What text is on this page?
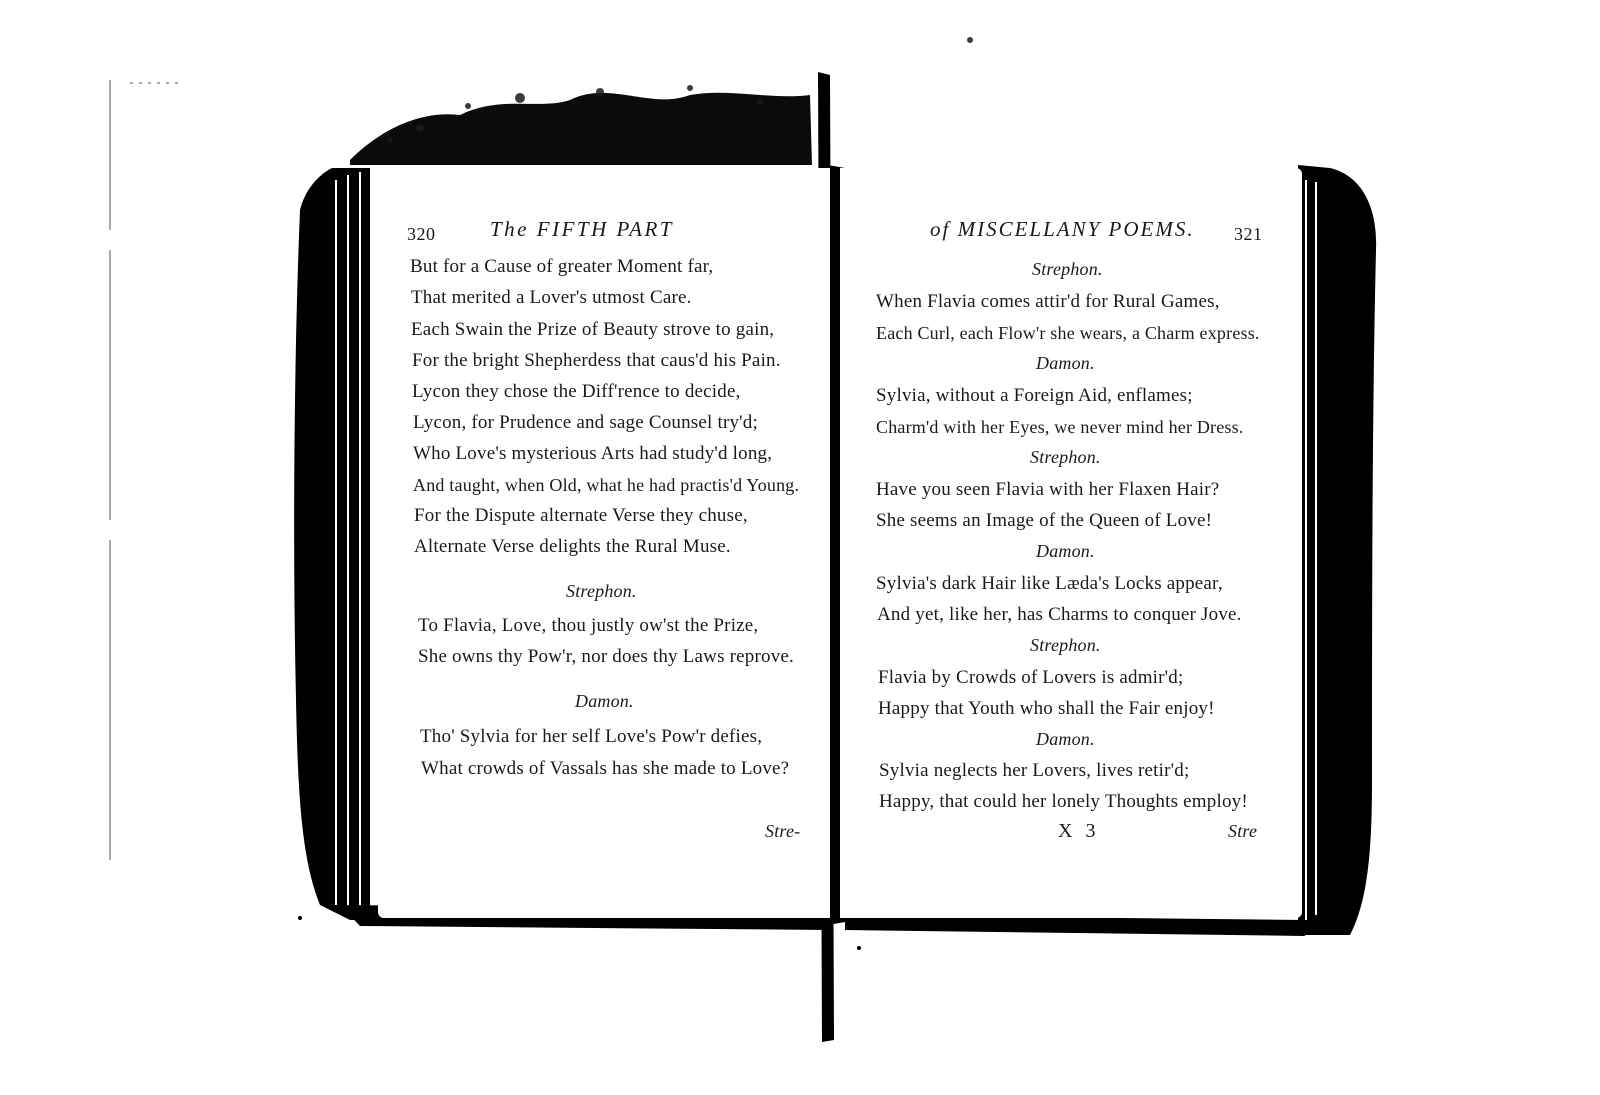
320	The FIFTH PART
But for a Cause of greater Moment far,
That merited a Lover's utmost Care.
Each Swain the Prize of Beauty strove to gain,
For the bright Shepherdess that caus'd his Pain.
Lycon they chose the Diff'rence to decide,
Lycon, for Prudence and sage Counsel try'd;
Who Love's mysterious Arts had study'd long,
And taught, when Old, what he had practis'd Young.
For the Dispute alternate Verse they chuse,
Alternate Verse delights the Rural Muse.
Strephon.
To Flavia, Love, thou justly ow'st the Prize,
She owns thy Pow'r, nor does thy Laws reprove.
Damon.
Tho' Sylvia for her self Love's Pow'r defies,
What crowds of Vassals has she made to Love?
Stre-
of MISCELLANY POEMS. 321
Strephon.
When Flavia comes attir'd for Rural Games,
Each Curl, each Flow'r she wears, a Charm express.
Damon.
Sylvia, without a Foreign Aid, enflames;
Charm'd with her Eyes, we never mind her Dress.
Strephon.
Have you seen Flavia with her Flaxen Hair?
She seems an Image of the Queen of Love!
Damon.
Sylvia's dark Hair like Læda's Locks appear,
And yet, like her, has Charms to conquer Jove.
Strephon.
Flavia by Crowds of Lovers is admir'd;
Happy that Youth who shall the Fair enjoy!
Damon.
Sylvia neglects her Lovers, lives retir'd;
Happy, that could her lonely Thoughts employ!
X 3	Stre
